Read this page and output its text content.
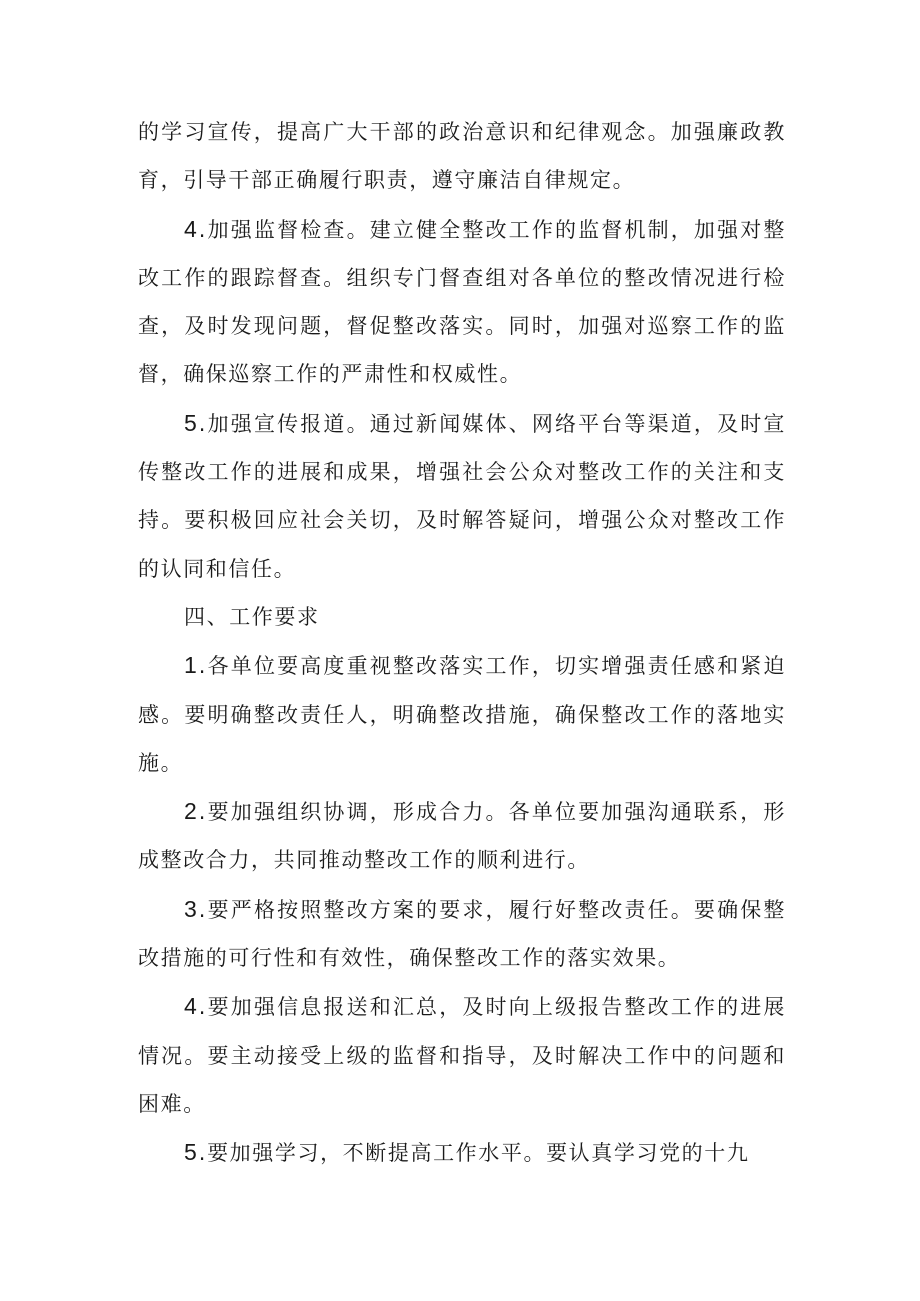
的学习宣传，提高广大干部的政治意识和纪律观念。加强廉政教育，引导干部正确履行职责，遵守廉洁自律规定。

4.加强监督检查。建立健全整改工作的监督机制，加强对整改工作的跟踪督查。组织专门督查组对各单位的整改情况进行检查，及时发现问题，督促整改落实。同时，加强对巡察工作的监督，确保巡察工作的严肃性和权威性。

5.加强宣传报道。通过新闻媒体、网络平台等渠道，及时宣传整改工作的进展和成果，增强社会公众对整改工作的关注和支持。要积极回应社会关切，及时解答疑问，增强公众对整改工作的认同和信任。

四、工作要求

1.各单位要高度重视整改落实工作，切实增强责任感和紧迫感。要明确整改责任人，明确整改措施，确保整改工作的落地实施。

2.要加强组织协调，形成合力。各单位要加强沟通联系，形成整改合力，共同推动整改工作的顺利进行。

3.要严格按照整改方案的要求，履行好整改责任。要确保整改措施的可行性和有效性，确保整改工作的落实效果。

4.要加强信息报送和汇总，及时向上级报告整改工作的进展情况。要主动接受上级的监督和指导，及时解决工作中的问题和困难。

5.要加强学习，不断提高工作水平。要认真学习党的十九
